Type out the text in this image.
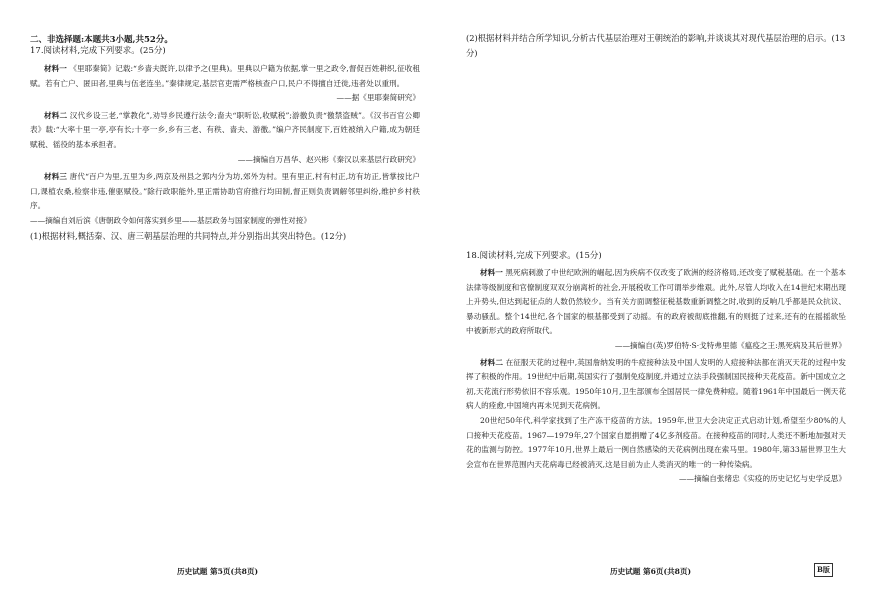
二、非选择题:本题共3小题,共52分。

17.阅读材料,完成下列要求。(25分)

材料一 《里耶秦简》记载:“乡啬夫既许,以律予之(里典)。里典以户籍为依据,掌一里之政令,督促百姓耕织,征收租赋。若有亡户、匿田者,里典与伍老连坐。”秦律规定,基层官吏需严格核查户口,民户不得擅自迁徙,违者处以重刑。

——据《里耶秦简研究》

材料二 汉代乡设三老,“掌教化”,劝导乡民遵行法令;啬夫“职听讼,收赋税”;游徼负责“徼禁盗贼”。《汉书百官公卿表》载:“大率十里一亭,亭有长;十亭一乡,乡有三老、有秩、啬夫、游徼。”编户齐民制度下,百姓被纳入户籍,成为朝廷赋税、徭役的基本承担者。

——摘编自万昌华、赵兴彬《秦汉以来基层行政研究》

材料三 唐代“百户为里,五里为乡,两京及州县之郭内分为坊,郊外为村。里有里正,村有村正,坊有坊正,皆掌按比户口,课植农桑,检察非违,催驱赋役。”除行政职能外,里正需协助官府推行均田制,督正则负责调解邻里纠纷,维护乡村秩序。

——摘编自刘后滨《唐朝政令如何落实到乡里——基层政务与国家制度的弹性对接》

(1)根据材料,概括秦、汉、唐三朝基层治理的共同特点,并分别指出其突出特色。(12分)

(2)根据材料并结合所学知识,分析古代基层治理对王朝统治的影响,并谈谈其对现代基层治理的启示。(13分)

18.阅读材料,完成下列要求。(15分)

材料一 黑死病刺激了中世纪欧洲的崛起,因为疾病不仅改变了欧洲的经济格局,还改变了赋税基础。在一个基本法律等级制度和官僚制度双双分崩离析的社会,开展税收工作可谓举步维艰。此外,尽管人均收入在14世纪末期出现上升势头,但达到起征点的人数仍然较少。当有关方面调整征税基数重新调整之时,收到的反响几乎都是民众抗议、暴动骚乱。整个14世纪,各个国家的根基都受到了动摇。有的政府被彻底推翻,有的则挺了过来,还有的在摇摇欲坠中被新形式的政府所取代。

——摘编自(英)罗伯特·S·戈特弗里德《瘟疫之王:黑死病及其后世界》

材料二 在征服天花的过程中,英国詹纳发明的牛痘接种法及中国人发明的人痘接种法都在消灭天花的过程中发挥了积极的作用。19世纪中后期,英国实行了强制免疫制度,并通过立法手段强制国民接种天花疫苗。新中国成立之初,天花流行形势依旧不容乐观。1950年10月,卫生部颁布全国居民一律免费种痘。随着1961年中国最后一例天花病人的痊愈,中国境内再未见到天花病例。

20世纪50年代,科学家找到了生产冻干疫苗的方法。1959年,世卫大会决定正式启动计划,希望至少80%的人口接种天花疫苗。1967—1979年,27个国家自愿捐赠了4亿多剂疫苗。在接种疫苗的同时,人类还不断地加强对天花的监测与防控。1977年10月,世界上最后一例自然感染的天花病例出现在索马里。1980年,第33届世界卫生大会宣布在世界范围内天花病毒已经被消灭,这是目前为止人类消灭的唯一的一种传染病。

——摘编自张绪忠《实疫的历史记忆与史学反思》

历史试题 第5页(共8页)	历史试题 第6页(共8页)	B版
